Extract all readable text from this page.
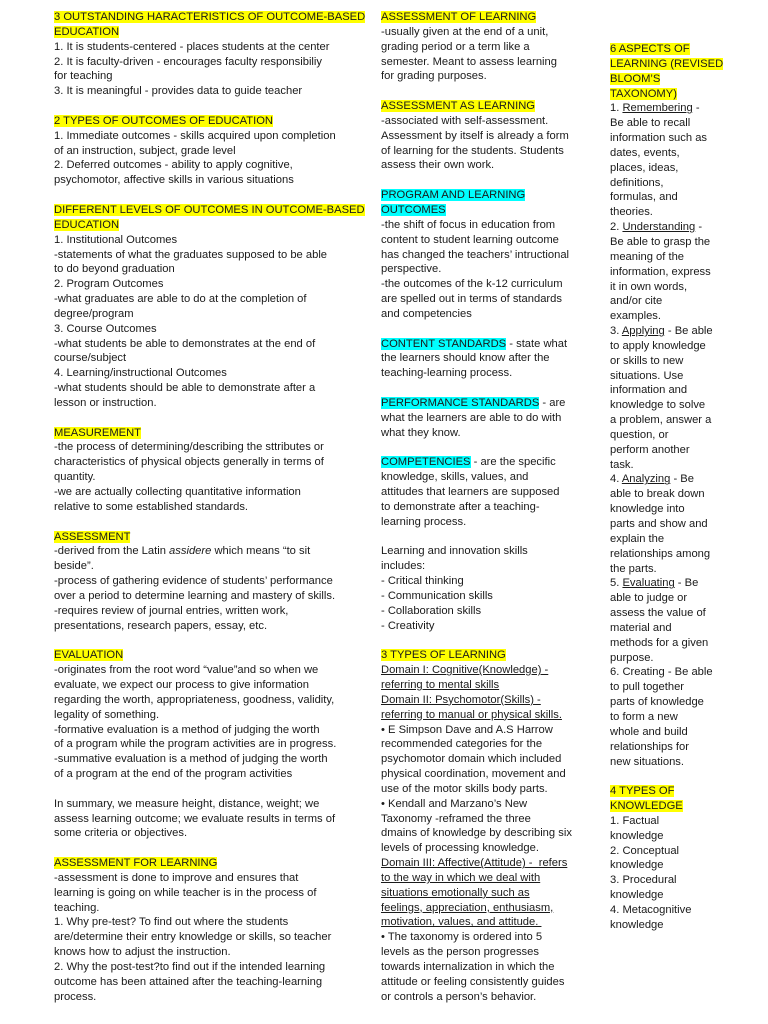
3 OUTSTANDING HARACTERISTICS OF OUTCOME-BASED
EDUCATION
1. It is students-centered - places students at the center
2. It is faculty-driven - encourages faculty responsibiliy
for teaching
3. It is meaningful - provides data to guide teacher
2 TYPES OF OUTCOMES OF EDUCATION
1. Immediate outcomes - skills acquired upon completion
of an instruction, subject, grade level
2. Deferred outcomes - ability to apply cognitive,
psychomotor, affective skills in various situations
DIFFERENT LEVELS OF OUTCOMES IN OUTCOME-BASED
EDUCATION
1. Institutional Outcomes
-statements of what the graduates supposed to be able
to do beyond graduation
2. Program Outcomes
-what graduates are able to do at the completion of
degree/program
3. Course Outcomes
-what students be able to demonstrates at the end of
course/subject
4. Learning/instructional Outcomes
-what students should be able to demonstrate after a
lesson or instruction.
MEASUREMENT
-the process of determining/describing the sttributes or
characteristics of physical objects generally in terms of
quantity.
-we are actually collecting quantitative information
relative to some established standards.
ASSESSMENT
-derived from the Latin assidere which means “to sit
beside”.
-process of gathering evidence of students’ performance
over a period to determine learning and mastery of skills.
-requires review of journal entries, written work,
presentations, research papers, essay, etc.
EVALUATION
-originates from the root word “value”and so when we
evaluate, we expect our process to give information
regarding the worth, appropriateness, goodness, validity,
legality of something.
-formative evaluation is a method of judging the worth
of a program while the program activities are in progress.
-summative evaluation is a method of judging the worth
of a program at the end of the program activities
In summary, we measure height, distance, weight; we
assess learning outcome; we evaluate results in terms of
some criteria or objectives.
ASSESSMENT FOR LEARNING
-assessment is done to improve and ensures that
learning is going on while teacher is in the process of
teaching.
1. Why pre-test? To find out where the students
are/determine their entry knowledge or skills, so teacher
knows how to adjust the instruction.
2. Why the post-test?to find out if the intended learning
outcome has been attained after the teaching-learning
process.
ASSESSMENT OF LEARNING
-usually given at the end of a unit,
grading period or a term like a
semester. Meant to assess learning
for grading purposes.
ASSESSMENT AS LEARNING
-associated with self-assessment.
Assessment by itself is already a form
of learning for the students. Students
assess their own work.
PROGRAM AND LEARNING
OUTCOMES
-the shift of focus in education from
content to student learning outcome
has changed the teachers’ intructional
perspective.
-the outcomes of the k-12 curriculum
are spelled out in terms of standards
and competencies
CONTENT STANDARDS - state what
the learners should know after the
teaching-learning process.
PERFORMANCE STANDARDS - are
what the learners are able to do with
what they know.
COMPETENCIES - are the specific
knowledge, skills, values, and
attitudes that learners are supposed
to demonstrate after a teaching-
learning process.
Learning and innovation skills
includes:
- Critical thinking
- Communication skills
- Collaboration skills
- Creativity
3 TYPES OF LEARNING
Domain I: Cognitive(Knowledge) -
referring to mental skills
Domain II: Psychomotor(Skills) -
referring to manual or physical skills.
• E Simpson Dave and A.S Harrow
recommended categories for the
psychomotor domain which included
physical coordination, movement and
use of the motor skills body parts.
• Kendall and Marzano’s New
Taxonomy -reframed the three
dmains of knowledge by describing six
levels of processing knowledge.
Domain III: Affective(Attitude) -  refers
to the way in which we deal with
situations emotionally such as
feelings, appreciation, enthusiasm,
motivation, values, and attitude.
• The taxonomy is ordered into 5
levels as the person progresses
towards internalization in which the
attitude or feeling consistently guides
or controls a person’s behavior.
6 ASPECTS OF
LEARNING (REVISED
BLOOM’S
TAXONOMY)
1. Remembering -
Be able to recall
information such as
dates, events,
places, ideas,
definitions,
formulas, and
theories.
2. Understanding -
Be able to grasp the
meaning of the
information, express
it in own words,
and/or cite
examples.
3. Applying - Be able
to apply knowledge
or skills to new
situations. Use
information and
knowledge to solve
a problem, answer a
question, or
perform another
task.
4. Analyzing - Be
able to break down
knowledge into
parts and show and
explain the
relationships among
the parts.
5. Evaluating - Be
able to judge or
assess the value of
material and
methods for a given
purpose.
6. Creating - Be able
to pull together
parts of knowledge
to form a new
whole and build
relationships for
new situations.
4 TYPES OF
KNOWLEDGE
1. Factual
knowledge
2. Conceptual
knowledge
3. Procedural
knowledge
4. Metacognitive
knowledge
